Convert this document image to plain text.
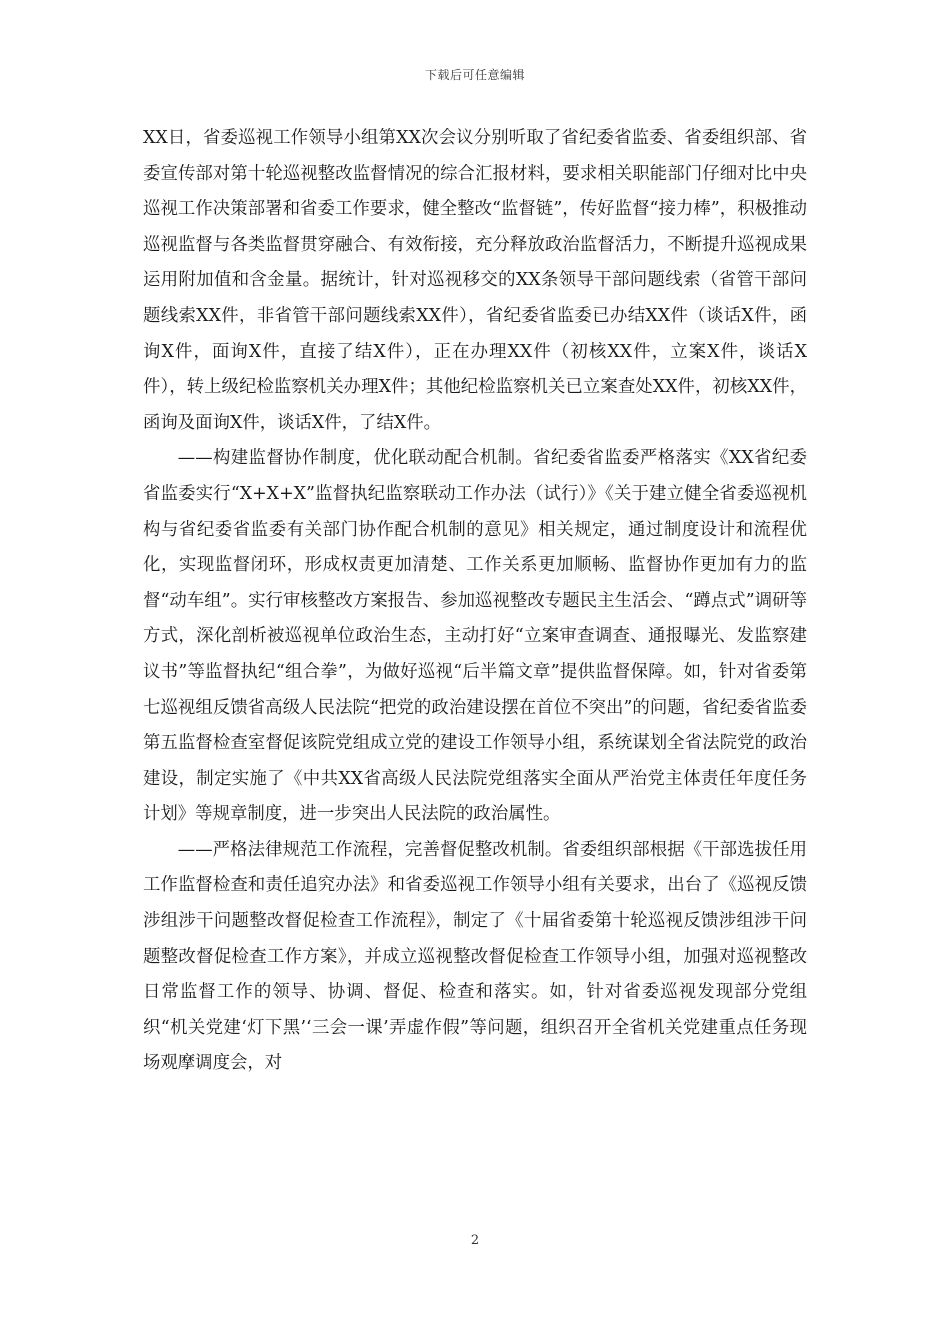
下载后可任意编辑

XX日，省委巡视工作领导小组第XX次会议分别听取了省纪委省监委、省委组织部、省委宣传部对第十轮巡视整改监督情况的综合汇报材料，要求相关职能部门仔细对比中央巡视工作决策部署和省委工作要求，健全整改“监督链”，传好监督“接力棒”，积极推动巡视监督与各类监督贯穿融合、有效衔接，充分释放政治监督活力，不断提升巡视成果运用附加值和含金量。据统计，针对巡视移交的XX条领导干部问题线索（省管干部问题线索XX件，非省管干部问题线索XX件），省纪委省监委已办结XX件（谈话X件，函询X件，面询X件，直接了结X件），正在办理XX件（初核XX件，立案X件，谈话X件），转上级纪检监察机关办理X件；其他纪检监察机关已立案查处XX件，初核XX件，函询及面询X件，谈话X件，了结X件。

——构建监督协作制度，优化联动配合机制。省纪委省监委严格落实《XX省纪委省监委实行“X+X+X”监督执纪监察联动工作办法（试行）》《关于建立健全省委巡视机构与省纪委省监委有关部门协作配合机制的意见》相关规定，通过制度设计和流程优化，实现监督闭环，形成权责更加清楚、工作关系更加顺畅、监督协作更加有力的监督“动车组”。实行审核整改方案报告、参加巡视整改专题民主生活会、“蹲点式”调研等方式，深化剖析被巡视单位政治生态，主动打好“立案审查调查、通报曝光、发监察建议书”等监督执纪“组合拳”，为做好巡视“后半篇文章”提供监督保障。如，针对省委第七巡视组反馈省高级人民法院“把党的政治建设摆在首位不突出”的问题，省纪委省监委第五监督检查室督促该院党组成立党的建设工作领导小组，系统谋划全省法院党的政治建设，制定实施了《中共XX省高级人民法院党组落实全面从严治党主体责任年度任务计划》等规章制度，进一步突出人民法院的政治属性。

——严格法律规范工作流程，完善督促整改机制。省委组织部根据《干部选拔任用工作监督检查和责任追究办法》和省委巡视工作领导小组有关要求，出台了《巡视反馈涉组涉干问题整改督促检查工作流程》，制定了《十届省委第十轮巡视反馈涉组涉干问题整改督促检查工作方案》，并成立巡视整改督促检查工作领导小组，加强对巡视整改日常监督工作的领导、协调、督促、检查和落实。如，针对省委巡视发现部分党组织“机关党建‘灯下黑’‘三会一课’弄虚作假”等问题，组织召开全省机关党建重点任务现场观摩调度会，对

2
